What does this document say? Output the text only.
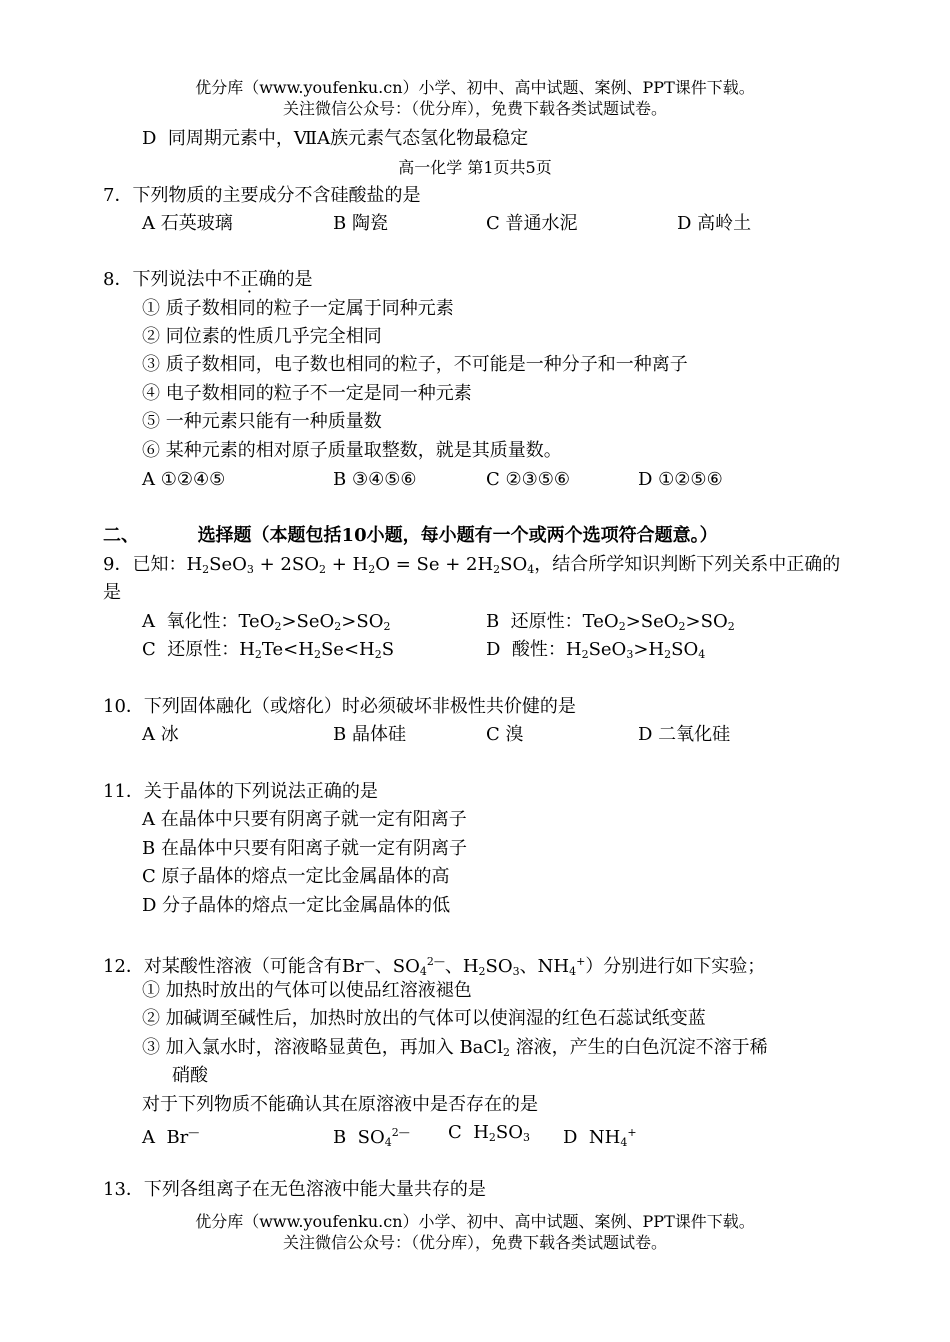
优分库（www.youfenku.cn）小学、初中、高中试题、案例、PPT课件下载。
关注微信公众号：（优分库），免费下载各类试题试卷。
D 同周期元素中，ⅦA族元素气态氢化物最稳定
高一化学 第1页共5页
7．下列物质的主要成分不含硅酸盐的是
A 石英玻璃	B 陶瓷	C 普通水泥	D 高岭土
8．下列说法中不正确的是
① 质子数相同的粒子一定属于同种元素
② 同位素的性质几乎完全相同
③ 质子数相同，电子数也相同的粒子，不可能是一种分子和一种离子
④ 电子数相同的粒子不一定是同一种元素
⑤ 一种元素只能有一种质量数
⑥ 某种元素的相对原子质量取整数，就是其质量数。
A ①②④⑤	B ③④⑤⑥	C ②③⑤⑥	D ①②⑤⑥
二、	选择题（本题包括10小题，每小题有一个或两个选项符合题意。）
9．已知：$H_2SeO_3 + 2SO_2 + H_2O = Se + 2H_2SO_4$，结合所学知识判断下列关系中正确的
是
A  氧化性：$TeO_2>SeO_2>SO_2$	B  还原性：$TeO_2>SeO_2>SO_2$
C  还原性：$H_2Te<H_2Se<H_2S$	D  酸性：$H_2SeO_3>H_2SO_4$
10．下列固体融化（或熔化）时必须破坏非极性共价健的是
A 冰	B 晶体硅	C 溴	D 二氧化硅
11．关于晶体的下列说法正确的是
A 在晶体中只要有阴离子就一定有阳离子
B 在晶体中只要有阳离子就一定有阴离子
C 原子晶体的熔点一定比金属晶体的高
D 分子晶体的熔点一定比金属晶体的低
12．对某酸性溶液（可能含有Br—、$SO_4^{2—}$、$H_2SO_3$、$NH_4^+$）分别进行如下实验；
① 加热时放出的气体可以使品红溶液褪色
② 加碱调至碱性后，加热时放出的气体可以使润湿的红色石蕊试纸变蓝
③ 加入氯水时，溶液略显黄色，再加入 BaCl$_2$ 溶液，产生的白色沉淀不溶于稀
硝酸
对于下列物质不能确认其在原溶液中是否存在的是
A  Br—	B  $SO_4^{2—}$ C  $H_2SO_3$ D  $NH_4^+$
13．下列各组离子在无色溶液中能大量共存的是
优分库（www.youfenku.cn）小学、初中、高中试题、案例、PPT课件下载。
关注微信公众号：（优分库），免费下载各类试题试卷。
